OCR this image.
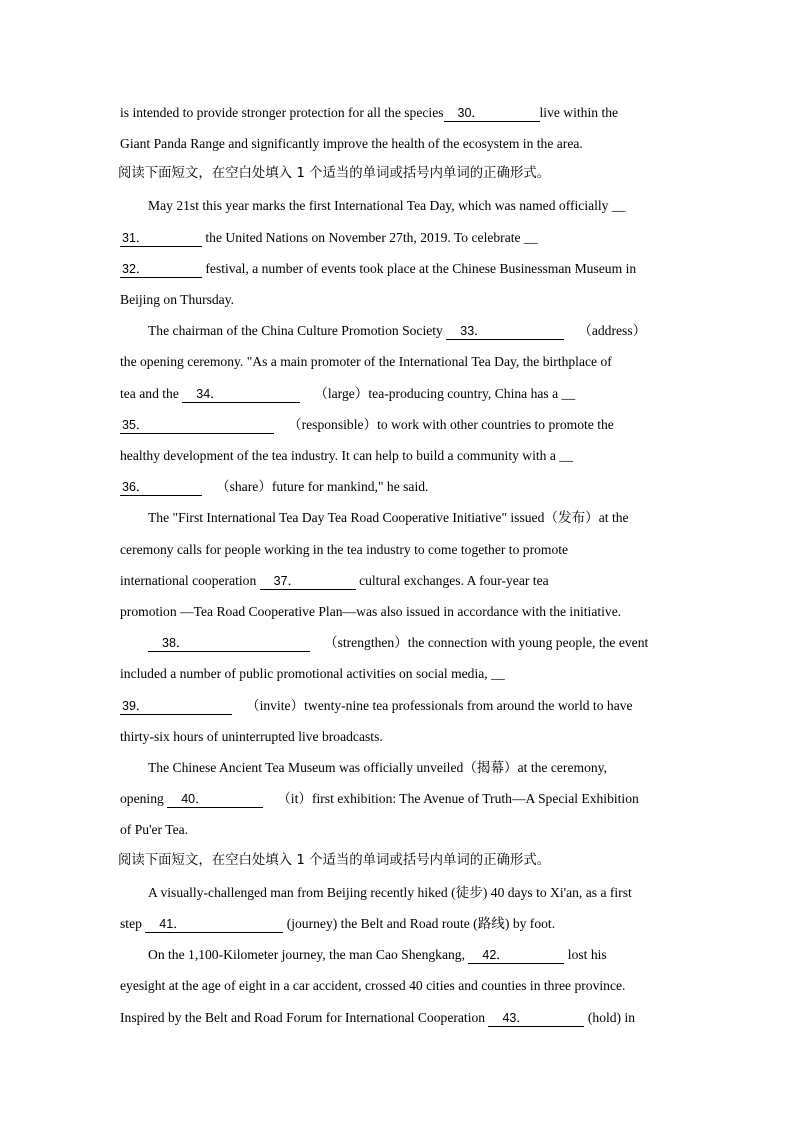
is intended to provide stronger protection for all the species 30．	live within the
Giant Panda Range and significantly improve the health of the ecosystem in the area.
阅读下面短文，在空白处填入 1 个适当的单词或括号内单词的正确形式。
May 21st this year marks the first International Tea Day, which was named officially __
31．	the United Nations on November 27th, 2019. To celebrate __
32．	festival, a number of events took place at the Chinese Businessman Museum in
Beijing on Thursday.
The chairman of the China Culture Promotion Society 33．	（address）
the opening ceremony. "As a main promoter of the International Tea Day, the birthplace of
tea and the 34．	（large）tea-producing country, China has a __
35．	（responsible）to work with other countries to promote the
healthy development of the tea industry. It can help to build a community with a __
36．	（share）future for mankind," he said.
The "First International Tea Day Tea Road Cooperative Initiative" issued（发布）at the
ceremony calls for people working in the tea industry to come together to promote
international cooperation 37．	cultural exchanges. A four-year tea
promotion —Tea Road Cooperative Plan—was also issued in accordance with the initiative.
38．	（strengthen）the connection with young people, the event
included a number of public promotional activities on social media, __
39．	（invite）twenty-nine tea professionals from around the world to have
thirty-six hours of uninterrupted live broadcasts.
The Chinese Ancient Tea Museum was officially unveiled（揭幕）at the ceremony,
opening 40．	（it）first exhibition: The Avenue of Truth—A Special Exhibition
of Pu'er Tea.
阅读下面短文，在空白处填入 1 个适当的单词或括号内单词的正确形式。
A visually-challenged man from Beijing recently hiked (徒步) 40 days to Xi'an, as a first
step 41．	(journey) the Belt and Road route (路线) by foot.
On the 1,100-Kilometer journey, the man Cao Shengkang, 42．	lost his
eyesight at the age of eight in a car accident, crossed 40 cities and counties in three province.
Inspired by the Belt and Road Forum for International Cooperation 43．	(hold) in
